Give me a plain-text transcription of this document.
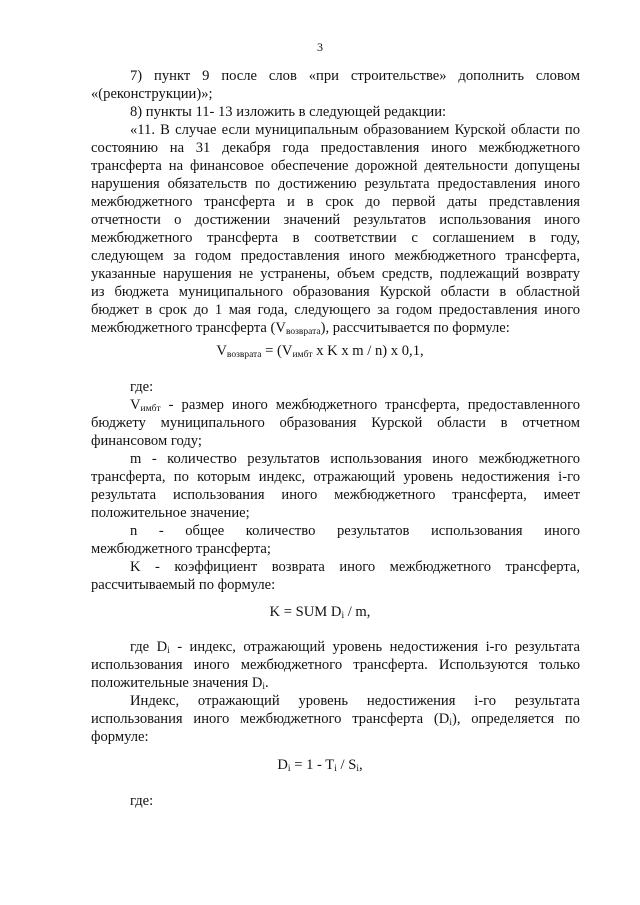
3
7) пункт 9 после слов «при строительстве» дополнить словом
«(реконструкции)»;
8) пункты 11- 13 изложить в следующей редакции:
«11. В случае если муниципальным образованием Курской области по
состоянию на 31 декабря года предоставления иного межбюджетного
трансферта на финансовое обеспечение дорожной деятельности допущены
нарушения обязательств по достижению результата предоставления иного
межбюджетного трансферта и в срок до первой даты представления
отчетности о достижении значений результатов использования иного
межбюджетного трансферта в соответствии с соглашением в году,
следующем за годом предоставления иного межбюджетного трансферта,
указанные нарушения не устранены, объем средств, подлежащий возврату
из бюджета муниципального образования Курской области в областной
бюджет в срок до 1 мая года, следующего за годом предоставления иного
межбюджетного трансферта $(V_{возврата})$, рассчитывается по формуле:
$V_{возврата} = (V_{имбт}$ x K x m / n) x 0,1,
где:
$V_{имбт}$ - размер иного межбюджетного трансферта, предоставленного
бюджету муниципального образования Курской области в отчетном
финансовом году;
m - количество результатов использования иного межбюджетного
трансферта, по которым индекс, отражающий уровень недостижения i-го
результата использования иного межбюджетного трансферта, имеет
положительное значение;
n - общее количество результатов использования иного
межбюджетного трансферта;
K - коэффициент возврата иного межбюджетного трансферта,
рассчитываемый по формуле:
K = SUM $D_i$ / m,
где $D_i$ - индекс, отражающий уровень недостижения i-го результата
использования иного межбюджетного трансферта. Используются только
положительные значения $D_i$.
Индекс, отражающий уровень недостижения i-го результата
использования иного межбюджетного трансферта $(D_i)$, определяется по
формуле:
$D_i = 1 - T_i / S_i$,
где:
